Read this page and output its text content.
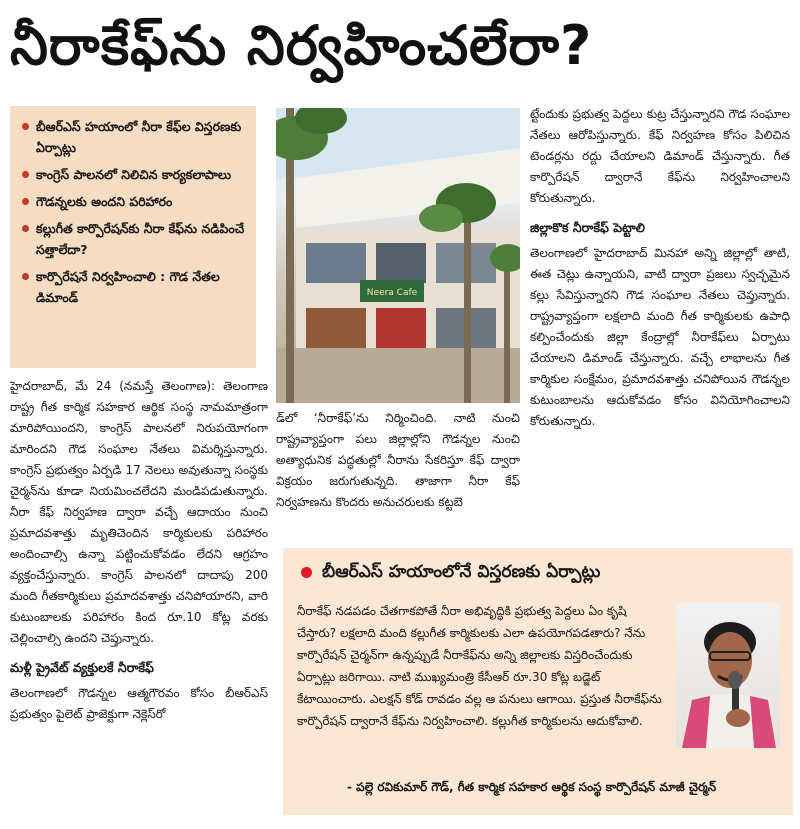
నీరాకేఫ్‌ను నిర్వహించలేరా?
బీఆర్‌ఎస్‌ హయాంలో నీరా కేఫ్‌ల విస్తరణకు ఏర్పాట్లు
కాంగ్రెస్‌ పాలనలో నిలిచిన కార్యకలాపాలు
గౌడన్నలకు అందని పరిహారం
కల్లుగీత కార్పొరేషన్‌కు నీరా కేఫ్‌ను నడిపించే సత్తాలేదా?
కార్పొరేషనే నిర్వహించాలి : గౌడ నేతల డిమాండ్‌

హైదరాబాద్‌, మే 24 (నమస్తే తెలంగాణ): తెలంగాణ రాష్ట్ర గీత కార్మిక సహకార ఆర్థిక సంస్థ నామమాత్రంగా మారిపోయిందని, కాంగ్రెస్‌ పాలనలో నిరుపయోగంగా మారిందని గౌడ సంఘాల నేతలు విమర్శిస్తున్నారు. కాంగ్రెస్‌ ప్రభుత్వం ఏర్పడి 17 నెలలు అవుతున్నా సంస్థకు చైర్మన్‌ను కూడా నియమించలేదని మండిపడుతున్నారు. నీరా కేఫ్‌ నిర్వహణ ద్వారా వచ్చే ఆదాయం నుంచి ప్రమాదవశాత్తు మృతిచెందిన కార్మికులకు పరిహారం అందించాల్సి ఉన్నా పట్టించుకోవడం లేదని ఆగ్రహం వ్యక్తంచేస్తున్నారు. కాంగ్రెస్‌ పాలనలో దాదాపు 200 మంది గీతకార్మికులు ప్రమాదవశాత్తు చనిపోయారని, వారి కుటుంబాలకు పరిహారం కింద రూ.10 కోట్ల వరకు చెల్లించాల్సి ఉందని చెప్తున్నారు.

మళ్లీ ప్రైవేట్‌ వ్యక్తులకే నీరాకేఫ్‌

తెలంగాణలో గౌడన్నల ఆత్మగౌరవం కోసం బీఆర్‌ఎస్‌ ప్రభుత్వం పైలెట్‌ ప్రాజెక్టుగా నెక్లెస్‌రో

Neera Cafe

డ్‌లో ‘నీరాకేఫ్‌’ను నిర్మించింది. నాటి నుంచి రాష్ట్రవ్యాప్తంగా పలు జిల్లాల్లోని గౌడన్నల నుంచి అత్యాధునిక పద్ధతుల్లో నీరాను సేకరిస్తూ కేఫ్‌ ద్వారా విక్రయం జరుగుతున్నది. తాజాగా నీరా కేఫ్‌ నిర్వహణను కొందరు అనుచరులకు కట్టబె

ట్టేందుకు ప్రభుత్వ పెద్దలు కుట్ర చేస్తున్నారని గౌడ సంఘాల నేతలు ఆరోపిస్తున్నారు. కేఫ్‌ నిర్వహణ కోసం పిలిచిన టెండర్లను రద్దు చేయాలని డిమాండ్‌ చేస్తున్నారు. గీత కార్పొరేషన్‌ ద్వారానే కేఫ్‌ను నిర్వహించాలని కోరుతున్నారు.

జిల్లాకొక నీరాకేఫ్‌ పెట్టాలి

తెలంగాణలో హైదరాబాద్‌ మినహా అన్ని జిల్లాల్లో తాటి, ఈత చెట్లు ఉన్నాయని, వాటి ద్వారా ప్రజలు స్వచ్ఛమైన కల్లు సేవిస్తున్నారని గౌడ సంఘాల నేతలు చెప్తున్నారు. రాష్ట్రవ్యాప్తంగా లక్షలాది మంది గీత కార్మికులకు ఉపాధి కల్పించేందుకు జిల్లా కేంద్రాల్లో నీరాకేఫ్‌లు ఏర్పాటు చేయాలని డిమాండ్‌ చేస్తున్నారు. వచ్చే లాభాలను గీత కార్మికుల సంక్షేమం, ప్రమాదవశాత్తు చనిపోయిన గౌడన్నల కుటుంబాలను ఆదుకోవడం కోసం వినియోగించాలని కోరుతున్నారు.

బీఆర్‌ఎస్‌ హయాంలోనే విస్తరణకు ఏర్పాట్లు
నీరాకేఫ్‌ నడపడం చేతగాకపోతే నీరా అభివృద్ధికి ప్రభుత్వ పెద్దలు ఏం కృషి చేస్తారు? లక్షలాది మంది కల్లుగీత కార్మికులకు ఎలా ఉపయోగపడతారు? నేను కార్పొరేషన్‌ చైర్మన్‌గా ఉన్నప్పుడే నీరాకేఫ్‌ను అన్ని జిల్లాలకు విస్తరించేందుకు ఏర్పాట్లు జరిగాయి. నాటి ముఖ్యమంత్రి కేసీఆర్‌ రూ.30 కోట్ల బడ్జెట్‌ కేటాయించారు. ఎలక్షన్‌ కోడ్‌ రావడం వల్ల ఆ పనులు ఆగాయి. ప్రస్తుత నీరాకేఫ్‌ను కార్పొరేషన్‌ ద్వారానే కేఫ్‌ను నిర్వహించాలి. కల్లుగీత కార్మికులను ఆదుకోవాలి.
- పల్లె రవికుమార్‌ గౌడ్‌, గీత కార్మిక సహకార ఆర్థిక సంస్థ కార్పొరేషన్‌ మాజీ చైర్మన్‌
